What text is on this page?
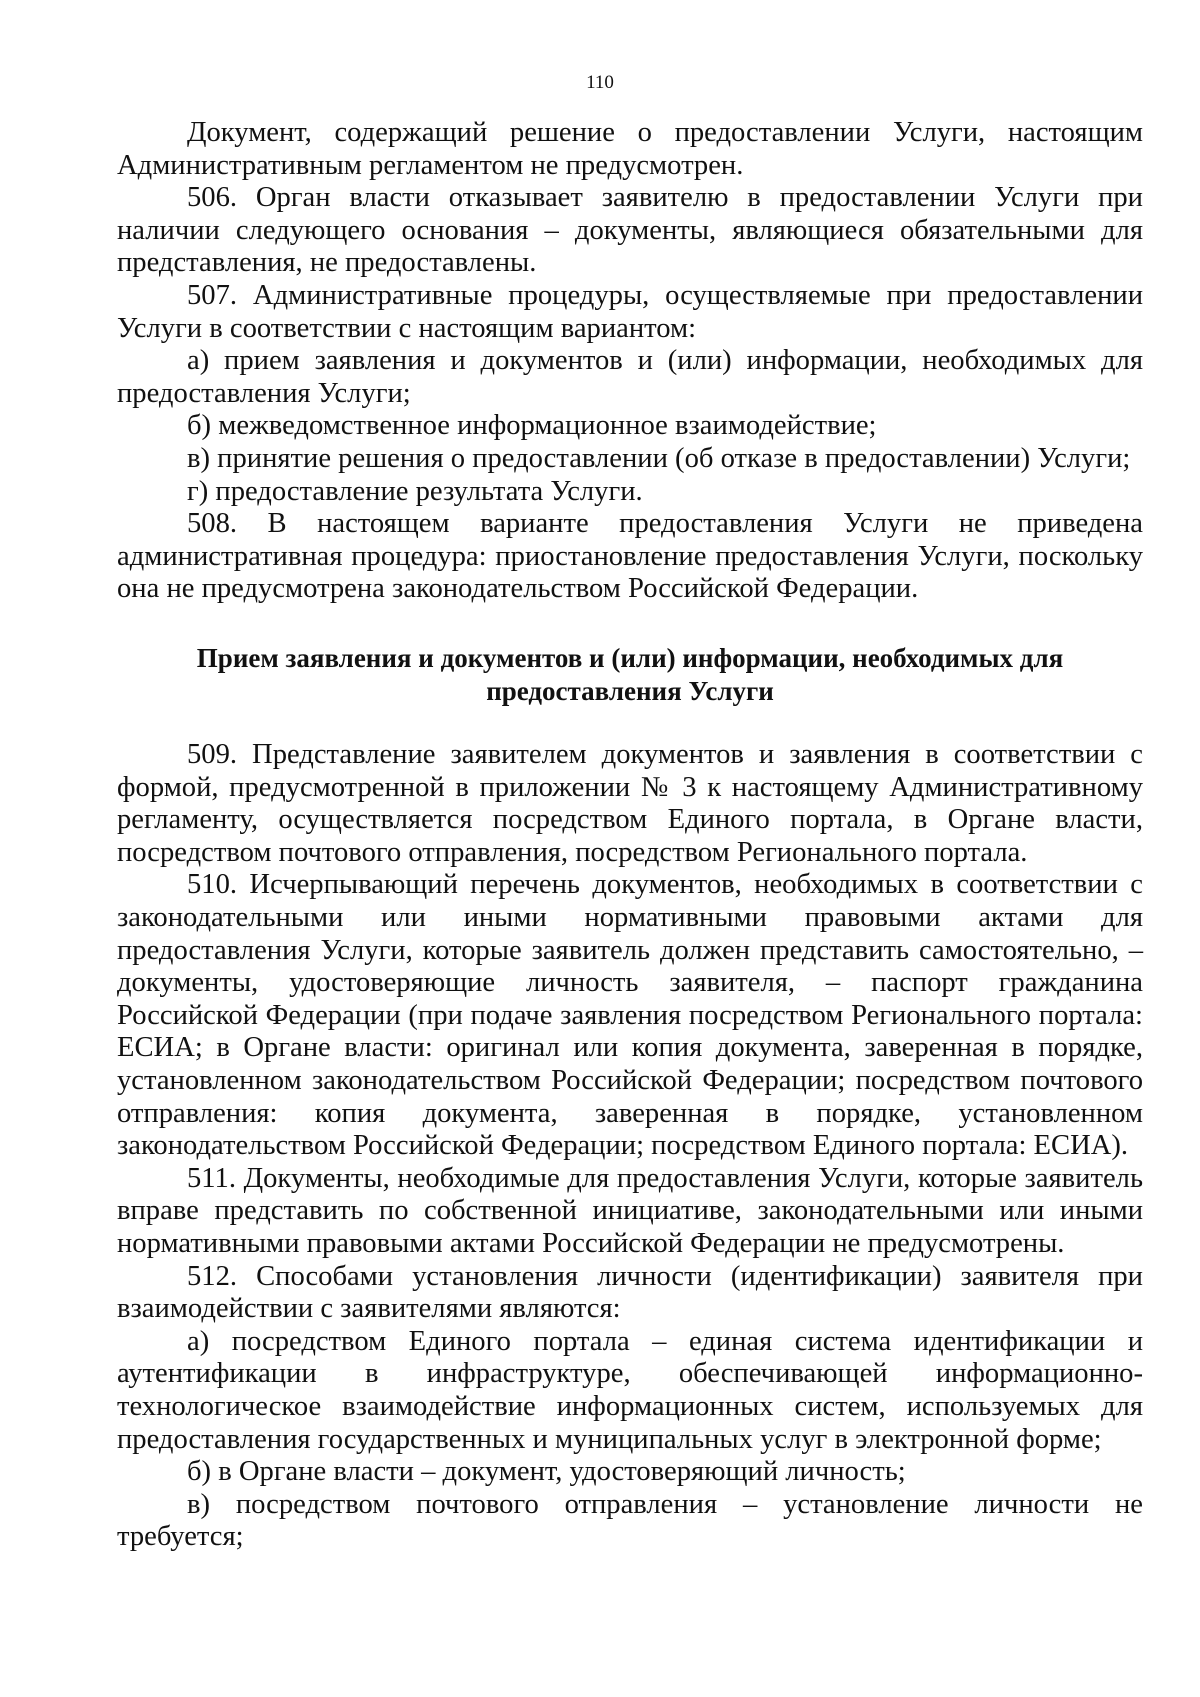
110

Документ, содержащий решение о предоставлении Услуги, настоящим Административным регламентом не предусмотрен.

506. Орган власти отказывает заявителю в предоставлении Услуги при наличии следующего основания – документы, являющиеся обязательными для представления, не предоставлены.

507. Административные процедуры, осуществляемые при предоставлении Услуги в соответствии с настоящим вариантом:

а) прием заявления и документов и (или) информации, необходимых для предоставления Услуги;

б) межведомственное информационное взаимодействие;

в) принятие решения о предоставлении (об отказе в предоставлении) Услуги;

г) предоставление результата Услуги.

508. В настоящем варианте предоставления Услуги не приведена административная процедура: приостановление предоставления Услуги, поскольку она не предусмотрена законодательством Российской Федерации.

Прием заявления и документов и (или) информации, необходимых для
предоставления Услуги

509. Представление заявителем документов и заявления в соответствии с формой, предусмотренной в приложении № 3 к настоящему Административному регламенту, осуществляется посредством Единого портала, в Органе власти, посредством почтового отправления, посредством Регионального портала.

510. Исчерпывающий перечень документов, необходимых в соответствии с законодательными или иными нормативными правовыми актами для предоставления Услуги, которые заявитель должен представить самостоятельно, – документы, удостоверяющие личность заявителя, – паспорт гражданина Российской Федерации (при подаче заявления посредством Регионального портала: ЕСИА; в Органе власти: оригинал или копия документа, заверенная в порядке, установленном законодательством Российской Федерации; посредством почтового отправления: копия документа, заверенная в порядке, установленном законодательством Российской Федерации; посредством Единого портала: ЕСИА).

511. Документы, необходимые для предоставления Услуги, которые заявитель вправе представить по собственной инициативе, законодательными или иными нормативными правовыми актами Российской Федерации не предусмотрены.

512. Способами установления личности (идентификации) заявителя при взаимодействии с заявителями являются:

а) посредством Единого портала – единая система идентификации и аутентификации в инфраструктуре, обеспечивающей информационно-технологическое взаимодействие информационных систем, используемых для предоставления государственных и муниципальных услуг в электронной форме;

б) в Органе власти – документ, удостоверяющий личность;

в) посредством почтового отправления – установление личности не требуется;
